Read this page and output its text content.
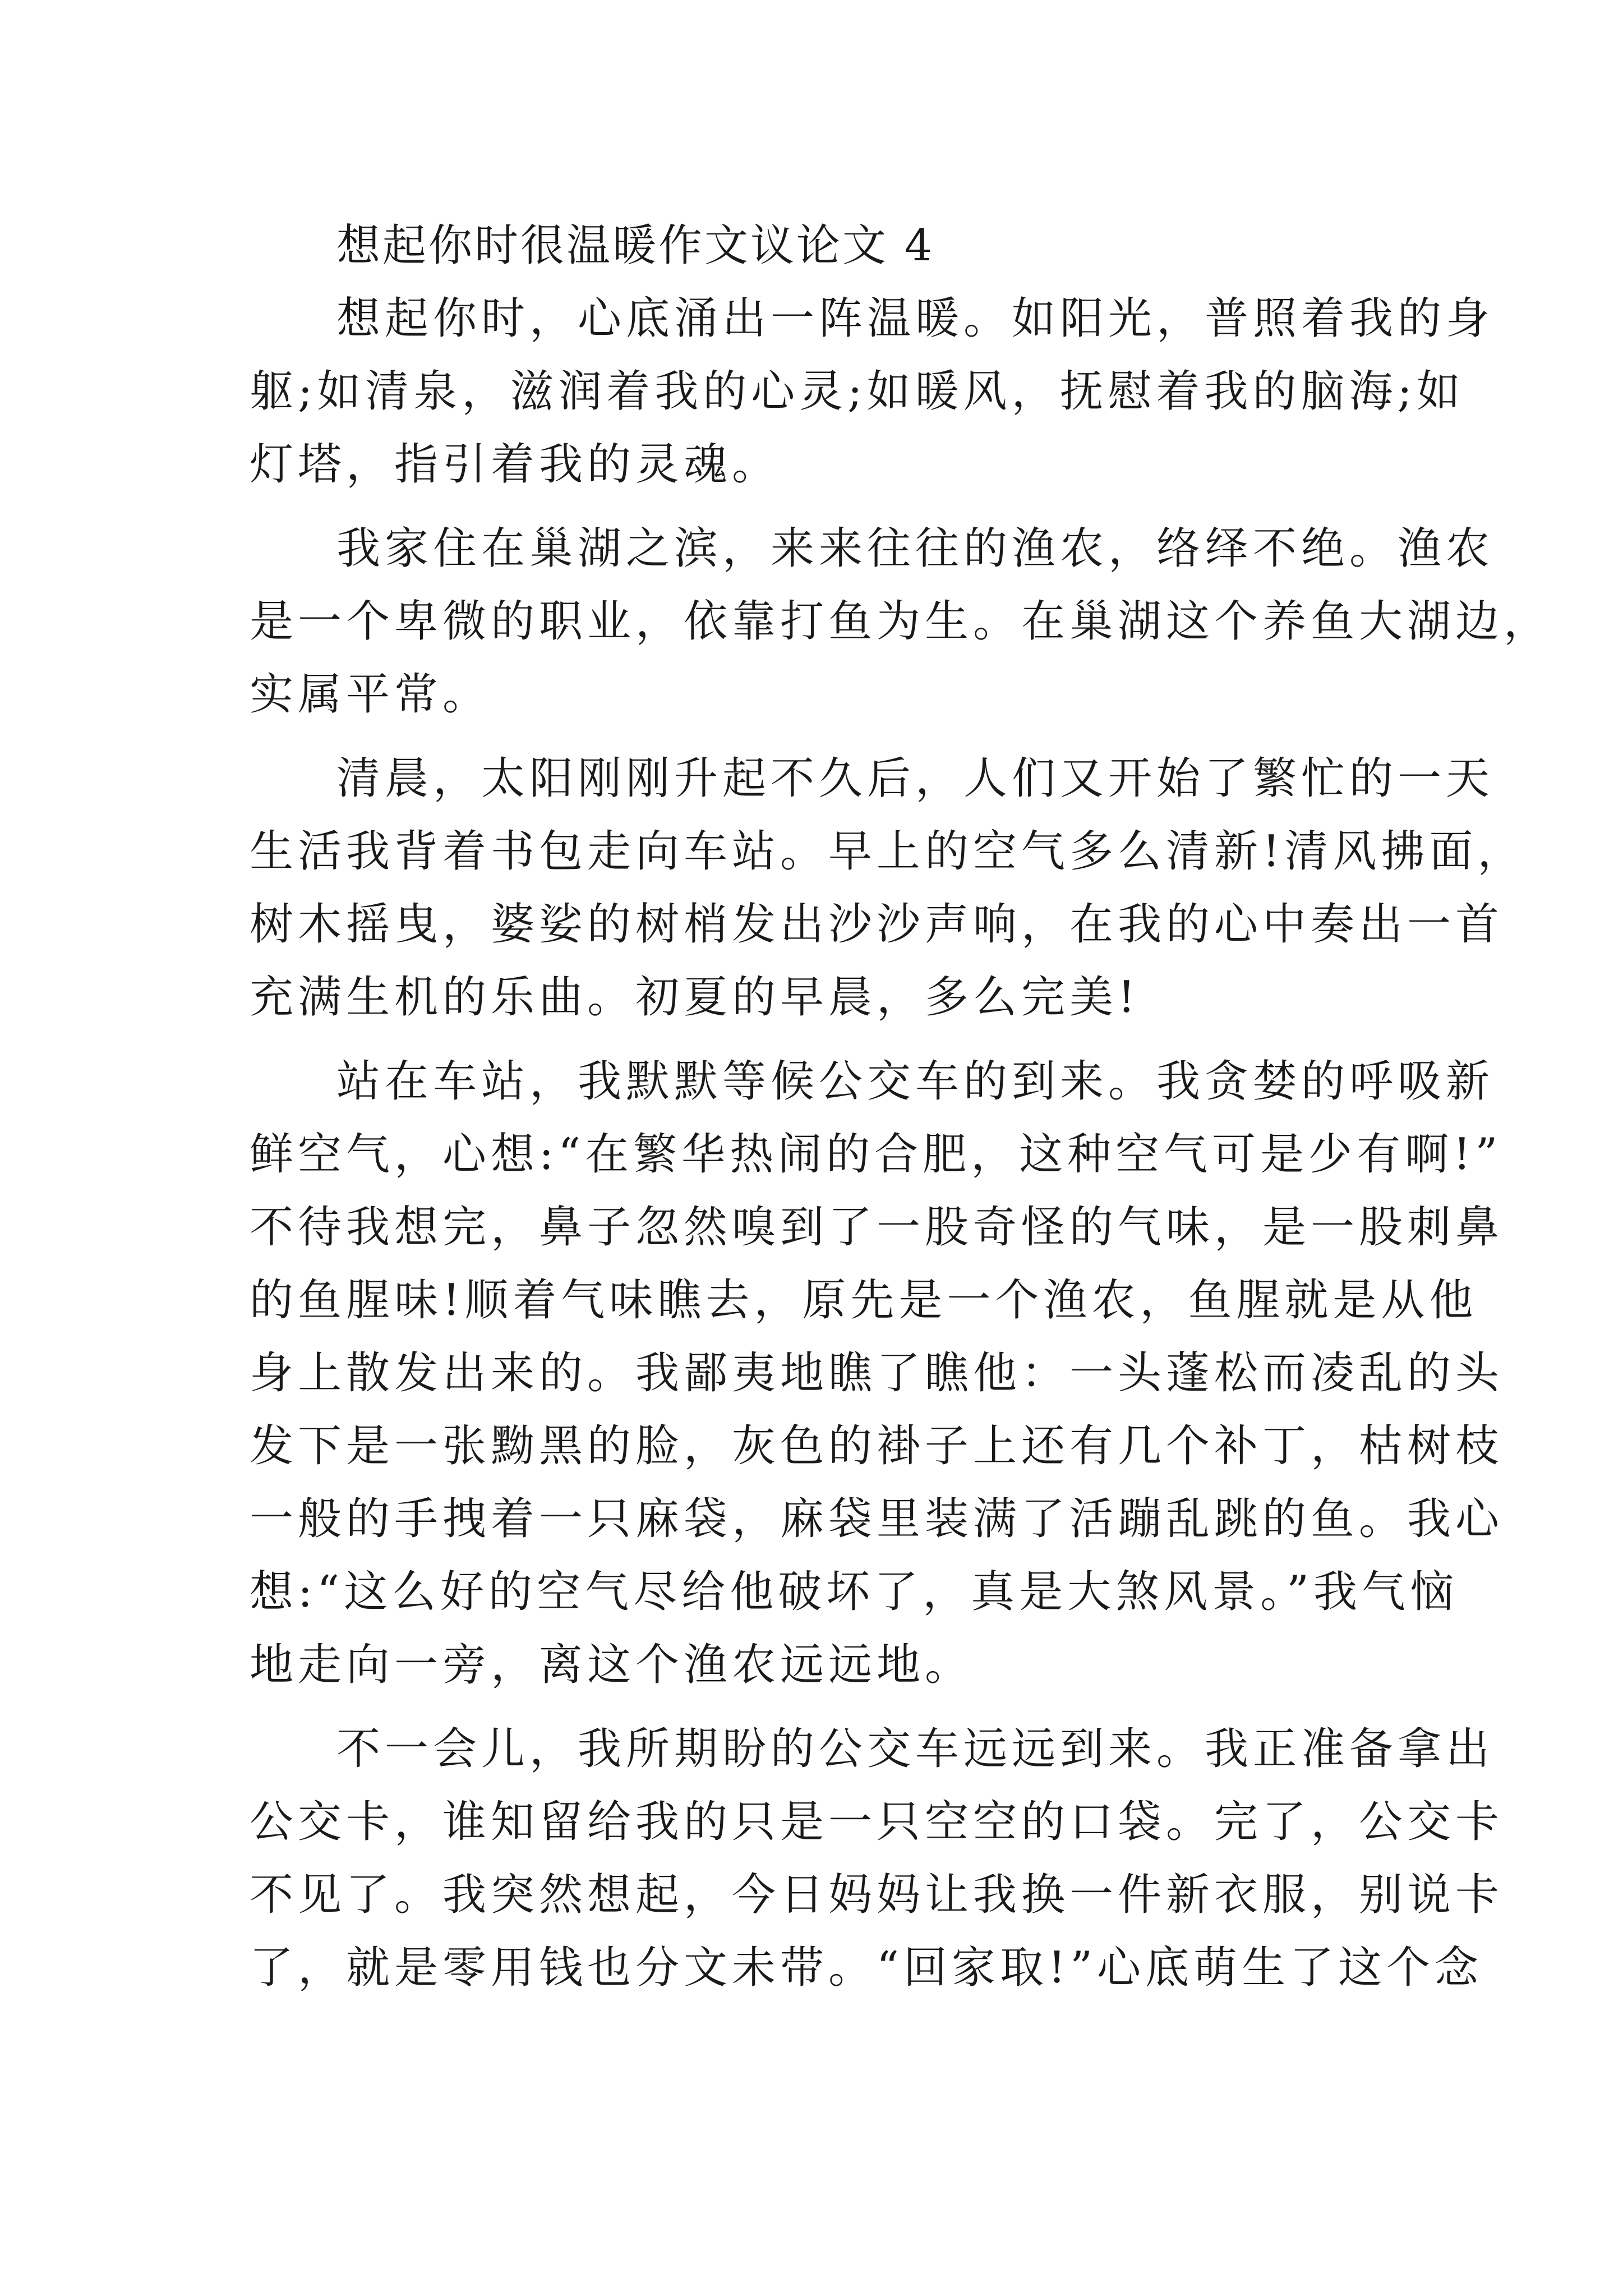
想起你时很温暖作文议论文 4
想起你时，心底涌出一阵温暖。如阳光，普照着我的身
躯;如清泉，滋润着我的心灵;如暖风，抚慰着我的脑海;如
灯塔，指引着我的灵魂。
我家住在巢湖之滨，来来往往的渔农，络绎不绝。渔农
是一个卑微的职业，依靠打鱼为生。在巢湖这个养鱼大湖边，
实属平常。
清晨，太阳刚刚升起不久后，人们又开始了繁忙的一天
生活我背着书包走向车站。早上的空气多么清新!清风拂面，
树木摇曳，婆娑的树梢发出沙沙声响，在我的心中奏出一首
充满生机的乐曲。初夏的早晨，多么完美!
站在车站，我默默等候公交车的到来。我贪婪的呼吸新
鲜空气，心想:“在繁华热闹的合肥，这种空气可是少有啊!”
不待我想完，鼻子忽然嗅到了一股奇怪的气味，是一股刺鼻
的鱼腥味!顺着气味瞧去，原先是一个渔农，鱼腥就是从他
身上散发出来的。我鄙夷地瞧了瞧他：一头蓬松而凌乱的头
发下是一张黝黑的脸，灰色的褂子上还有几个补丁，枯树枝
一般的手拽着一只麻袋，麻袋里装满了活蹦乱跳的鱼。我心
想:“这么好的空气尽给他破坏了，真是大煞风景。”我气恼
地走向一旁，离这个渔农远远地。
不一会儿，我所期盼的公交车远远到来。我正准备拿出
公交卡，谁知留给我的只是一只空空的口袋。完了，公交卡
不见了。我突然想起，今日妈妈让我换一件新衣服，别说卡
了，就是零用钱也分文未带。“回家取!”心底萌生了这个念
